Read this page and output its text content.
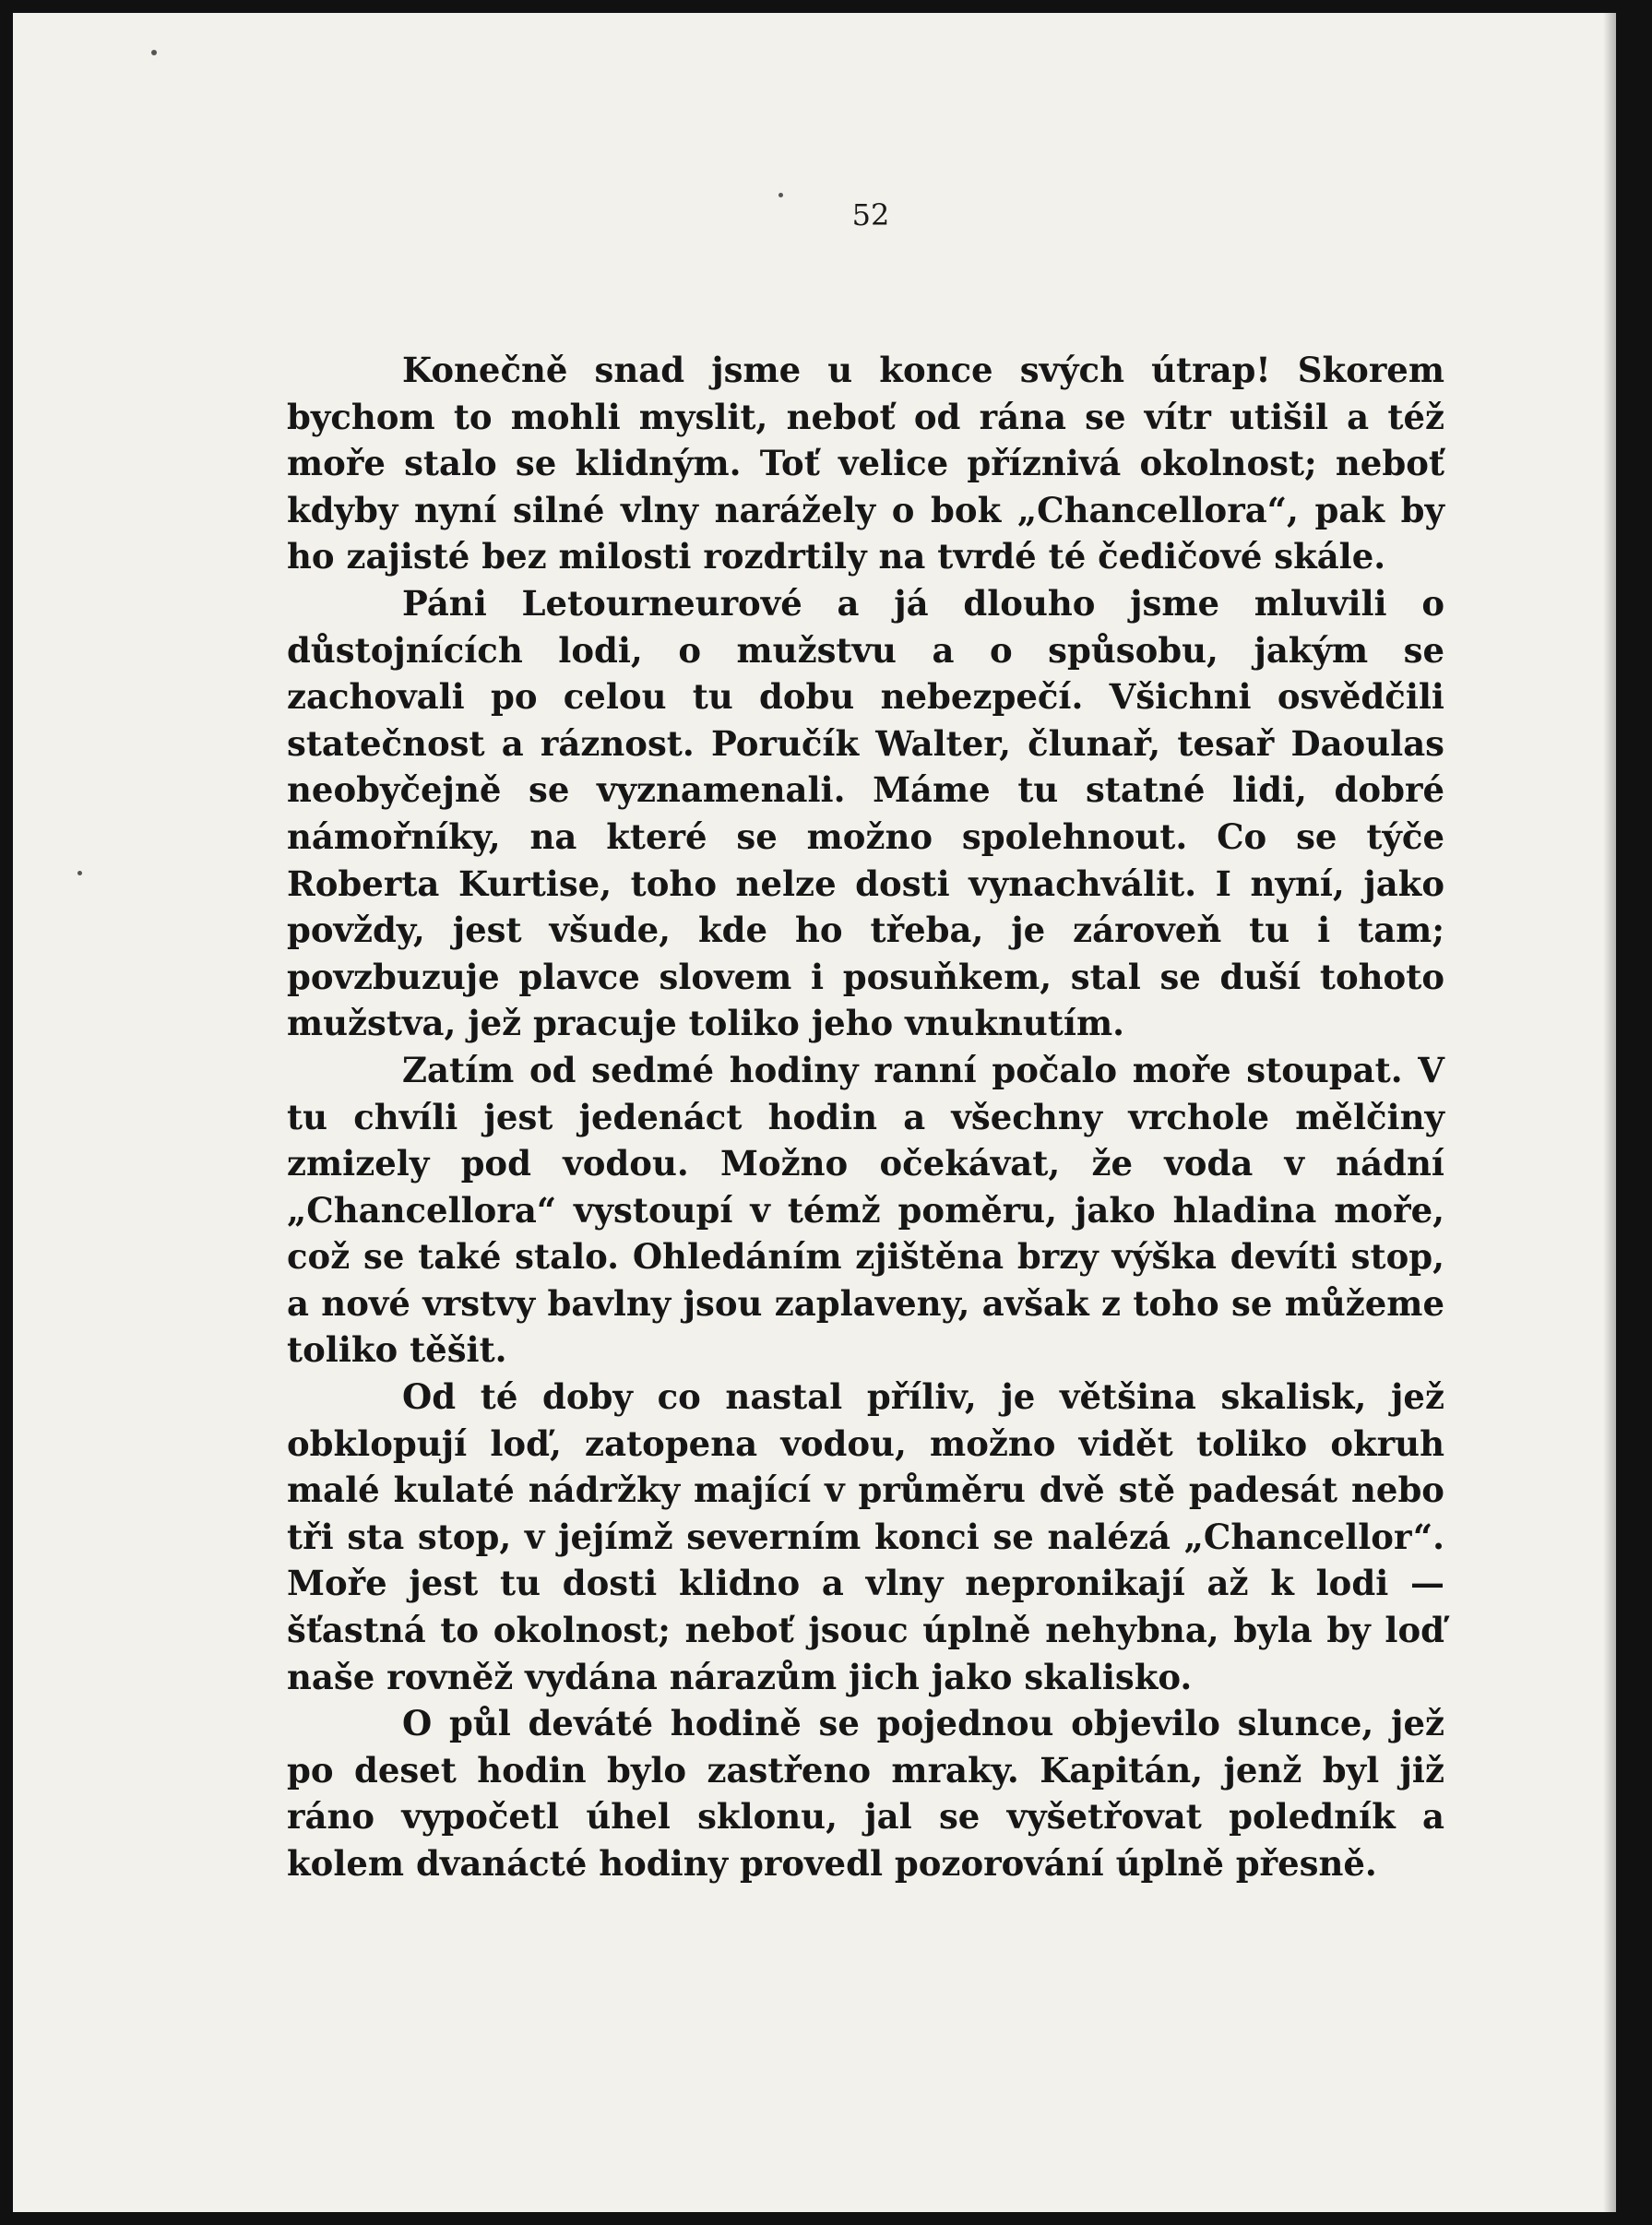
52

Konečně snad jsme u konce svých útrap! Skorem bychom to mohli myslit, neboť od rána se vítr utišil a též moře stalo se klidným. Toť velice příznivá okolnost; neboť kdyby nyní silné vlny narážely o bok „Chancellora“, pak by ho zajisté bez milosti rozdrtily na tvrdé té čedičové skále.

Páni Letourneurové a já dlouho jsme mluvili o důstojnících lodi, o mužstvu a o spůsobu, jakým se zachovali po celou tu dobu nebezpečí. Všichni osvědčili statečnost a ráznost. Poručík Walter, člunař, tesař Daoulas neobyčejně se vyznamenali. Máme tu statné lidi, dobré námořníky, na které se možno spolehnout. Co se týče Roberta Kurtise, toho nelze dosti vynachválit. I nyní, jako povždy, jest všude, kde ho třeba, je zároveň tu i tam; povzbuzuje plavce slovem i posuňkem, stal se duší tohoto mužstva, jež pracuje toliko jeho vnuknutím.

Zatím od sedmé hodiny ranní počalo moře stoupat. V tu chvíli jest jedenáct hodin a všechny vrchole mělčiny zmizely pod vodou. Možno očekávat, že voda v nádní „Chancellora“ vystoupí v témž poměru, jako hladina moře, což se také stalo. Ohledáním zjištěna brzy výška devíti stop, a nové vrstvy bavlny jsou zaplaveny, avšak z toho se můžeme toliko těšit.

Od té doby co nastal příliv, je většina skalisk, jež obklopují loď, zatopena vodou, možno vidět toliko okruh malé kulaté nádržky mající v průměru dvě stě padesát nebo tři sta stop, v jejímž severním konci se nalézá „Chancellor“. Moře jest tu dosti klidno a vlny nepronikají až k lodi — šťastná to okolnost; neboť jsouc úplně nehybna, byla by loď naše rovněž vydána nárazům jich jako skalisko.

O půl deváté hodině se pojednou objevilo slunce, jež po deset hodin bylo zastřeno mraky. Kapitán, jenž byl již ráno vypočetl úhel sklonu, jal se vyšetřovat poledník a kolem dvanácté hodiny provedl pozorování úplně přesně.
